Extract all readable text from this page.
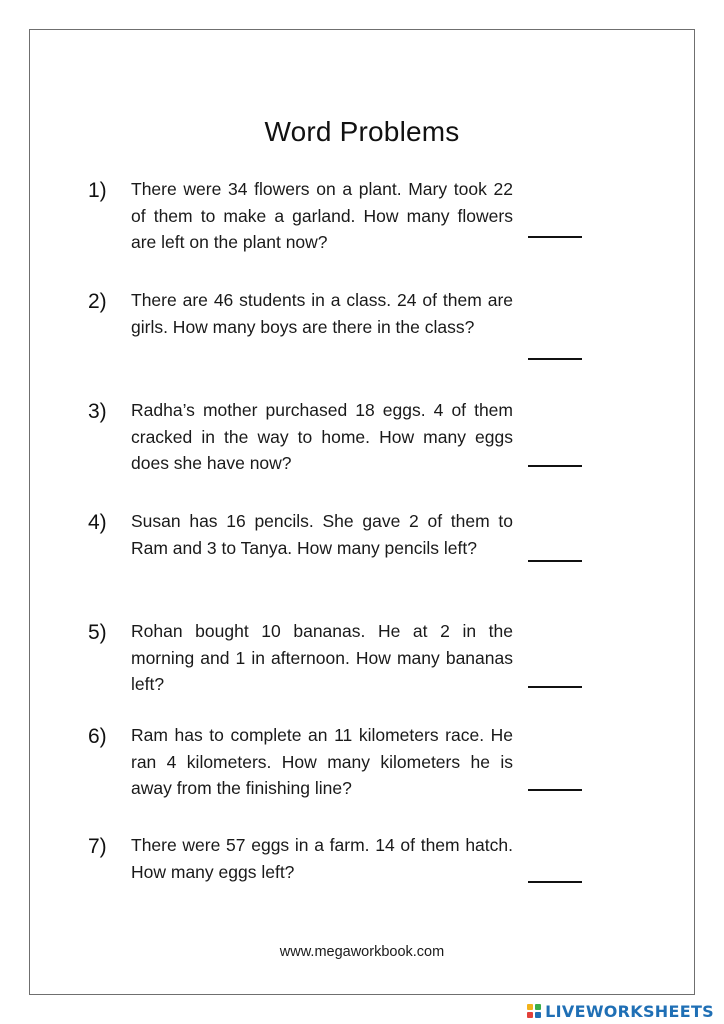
Word Problems
1) There were 34 flowers on a plant. Mary took 22 of them to make a garland. How many flowers are left on the plant now?
2) There are 46 students in a class. 24 of them are girls. How many boys are there in the class?
3) Radha’s mother purchased 18 eggs. 4 of them cracked in the way to home. How many eggs does she have now?
4) Susan has 16 pencils. She gave 2 of them to Ram and 3 to Tanya. How many pencils left?
5) Rohan bought 10 bananas. He at 2 in the morning and 1 in afternoon. How many bananas left?
6) Ram has to complete an 11 kilometers race. He ran 4 kilometers. How many kilometers he is away from the finishing line?
7) There were 57 eggs in a farm. 14 of them hatch. How many eggs left?
www.megaworkbook.com
LIVEWORKSHEETS
